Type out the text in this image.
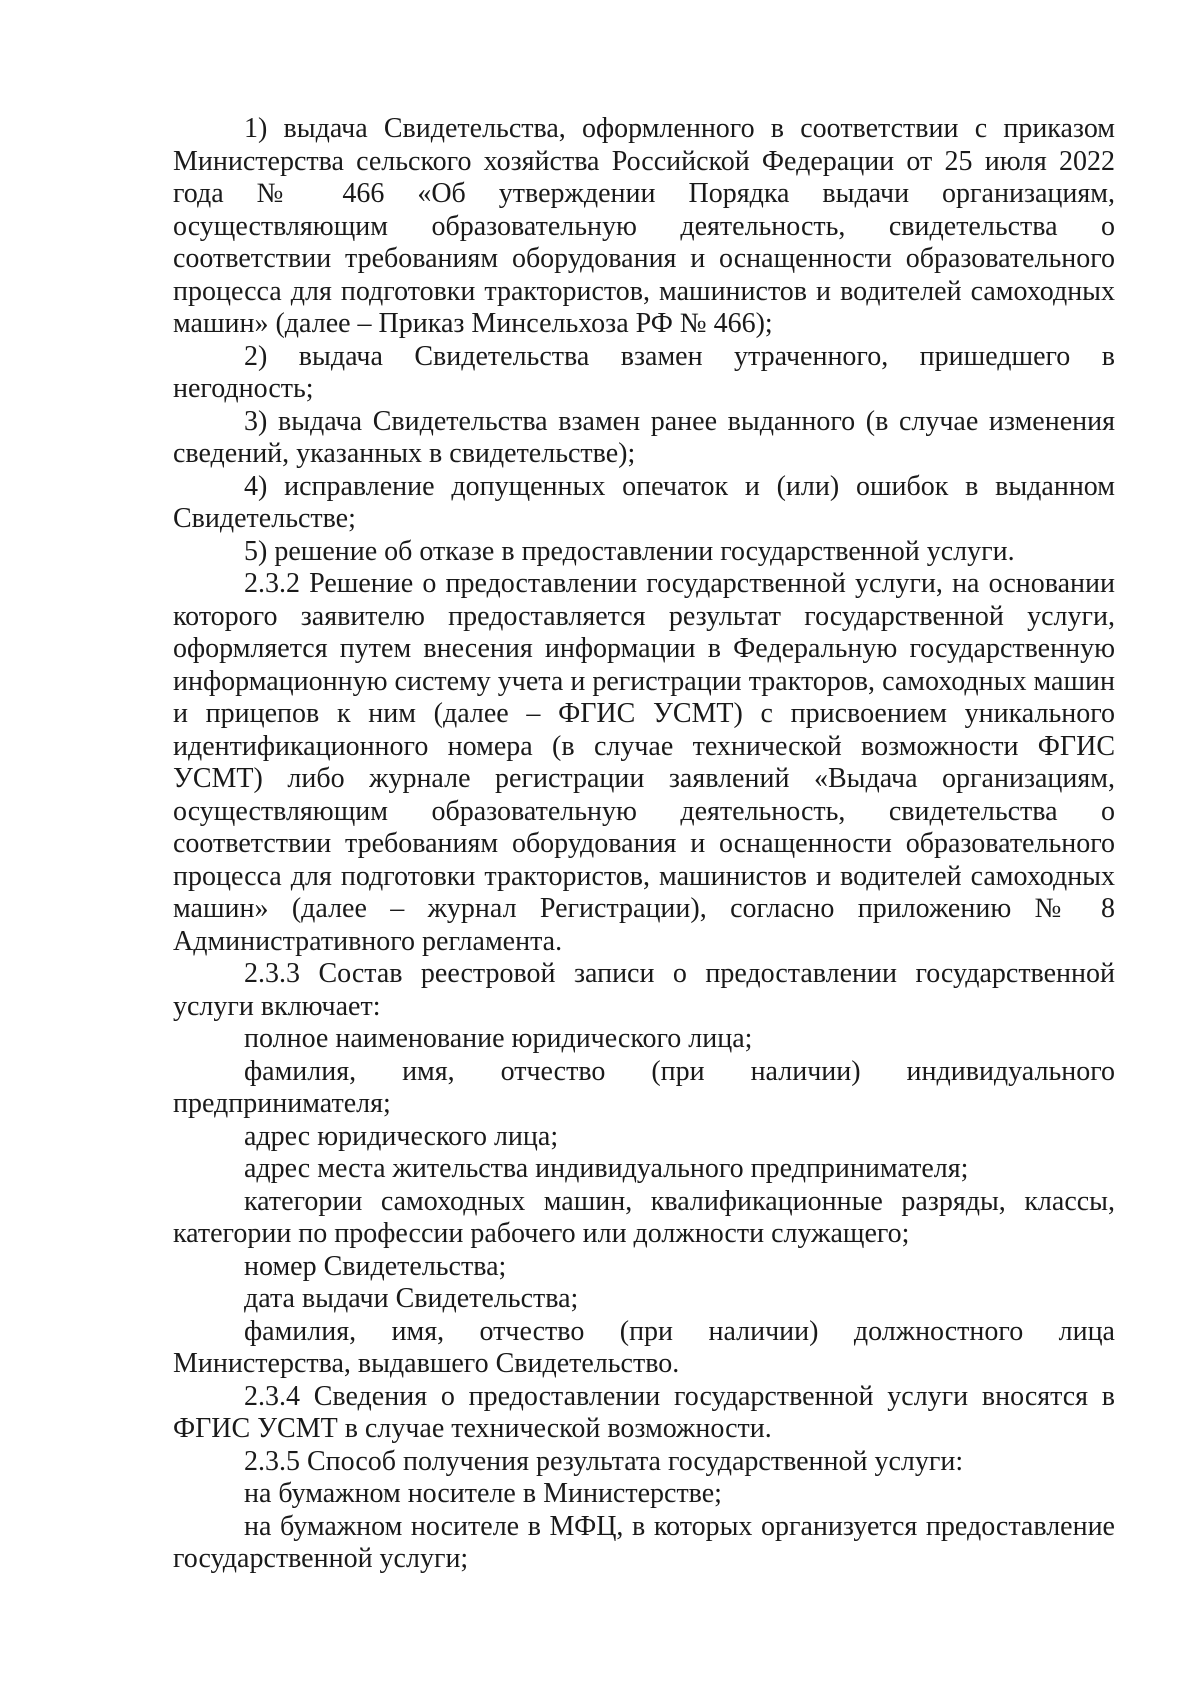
1) выдача Свидетельства, оформленного в соответствии с приказом Министерства сельского хозяйства Российской Федерации от 25 июля 2022 года № 466 «Об утверждении Порядка выдачи организациям, осуществляющим образовательную деятельность, свидетельства о соответствии требованиям оборудования и оснащенности образовательного процесса для подготовки трактористов, машинистов и водителей самоходных машин» (далее – Приказ Минсельхоза РФ № 466);

2) выдача Свидетельства взамен утраченного, пришедшего в негодность;

3) выдача Свидетельства взамен ранее выданного (в случае изменения сведений, указанных в свидетельстве);

4) исправление допущенных опечаток и (или) ошибок в выданном Свидетельстве;

5) решение об отказе в предоставлении государственной услуги.

2.3.2 Решение о предоставлении государственной услуги, на основании которого заявителю предоставляется результат государственной услуги, оформляется путем внесения информации в Федеральную государственную информационную систему учета и регистрации тракторов, самоходных машин и прицепов к ним (далее – ФГИС УСМТ) с присвоением уникального идентификационного номера (в случае технической возможности ФГИС УСМТ) либо журнале регистрации заявлений «Выдача организациям, осуществляющим образовательную деятельность, свидетельства о соответствии требованиям оборудования и оснащенности образовательного процесса для подготовки трактористов, машинистов и водителей самоходных машин» (далее – журнал Регистрации), согласно приложению № 8 Административного регламента.

2.3.3 Состав реестровой записи о предоставлении государственной услуги включает:

полное наименование юридического лица;

фамилия, имя, отчество (при наличии) индивидуального предпринимателя;

адрес юридического лица;

адрес места жительства индивидуального предпринимателя;

категории самоходных машин, квалификационные разряды, классы, категории по профессии рабочего или должности служащего;

номер Свидетельства;

дата выдачи Свидетельства;

фамилия, имя, отчество (при наличии) должностного лица Министерства, выдавшего Свидетельство.

2.3.4 Сведения о предоставлении государственной услуги вносятся в ФГИС УСМТ в случае технической возможности.

2.3.5 Способ получения результата государственной услуги:

на бумажном носителе в Министерстве;

на бумажном носителе в МФЦ, в которых организуется предоставление государственной услуги;
